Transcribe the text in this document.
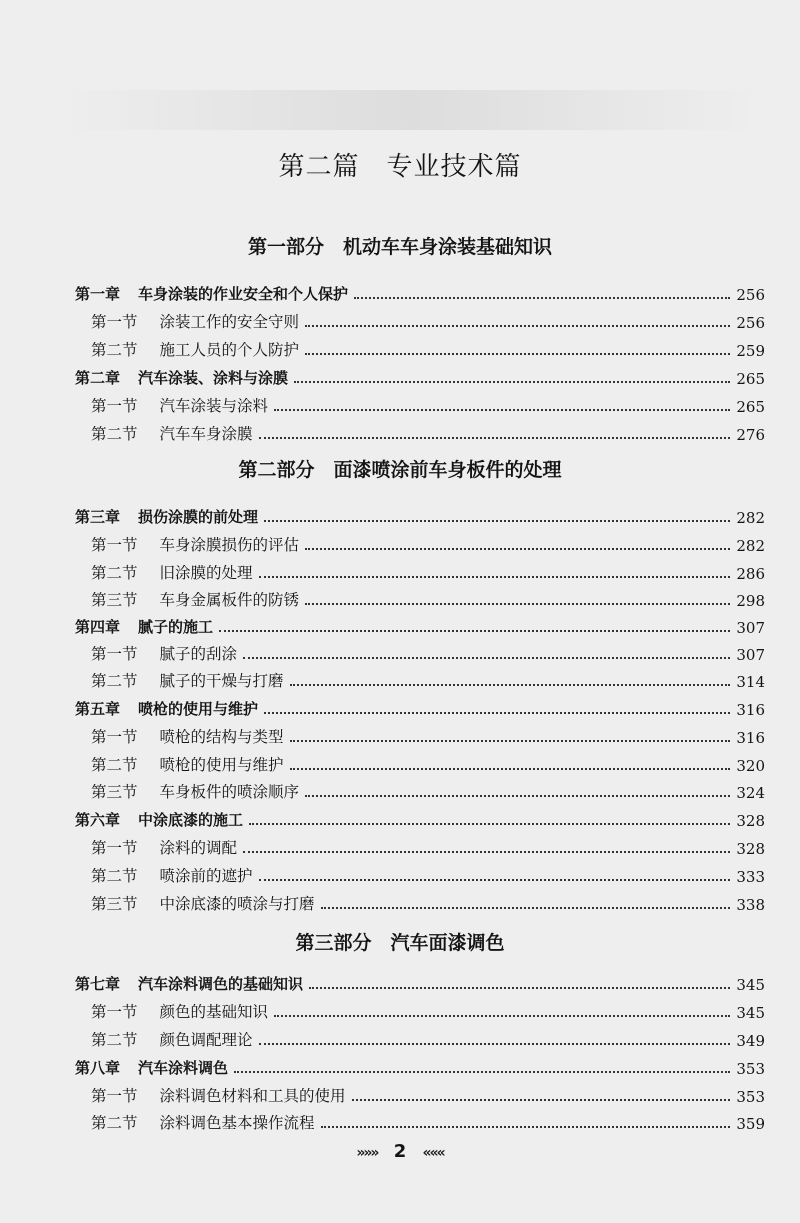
第二篇　专业技术篇
第一部分　机动车车身涂装基础知识
第二部分　面漆喷涂前车身板件的处理
第三部分　汽车面漆调色
第一章 车身涂装的作业安全和个人保护	256
第一节 涂装工作的安全守则	256
第二节 施工人员的个人防护	259
第二章 汽车涂装、涂料与涂膜	265
第一节 汽车涂装与涂料	265
第二节 汽车车身涂膜	276
第三章 损伤涂膜的前处理	282
第一节 车身涂膜损伤的评估	282
第二节 旧涂膜的处理	286
第三节 车身金属板件的防锈	298
第四章 腻子的施工	307
第一节 腻子的刮涂	307
第二节 腻子的干燥与打磨	314
第五章 喷枪的使用与维护	316
第一节 喷枪的结构与类型	316
第二节 喷枪的使用与维护	320
第三节 车身板件的喷涂顺序	324
第六章 中涂底漆的施工	328
第一节 涂料的调配	328
第二节 喷涂前的遮护	333
第三节 中涂底漆的喷涂与打磨	338
第七章 汽车涂料调色的基础知识	345
第一节 颜色的基础知识	345
第二节 颜色调配理论	349
第八章 汽车涂料调色	353
第一节 涂料调色材料和工具的使用	353
第二节 涂料调色基本操作流程	359
»»» 2 «««
